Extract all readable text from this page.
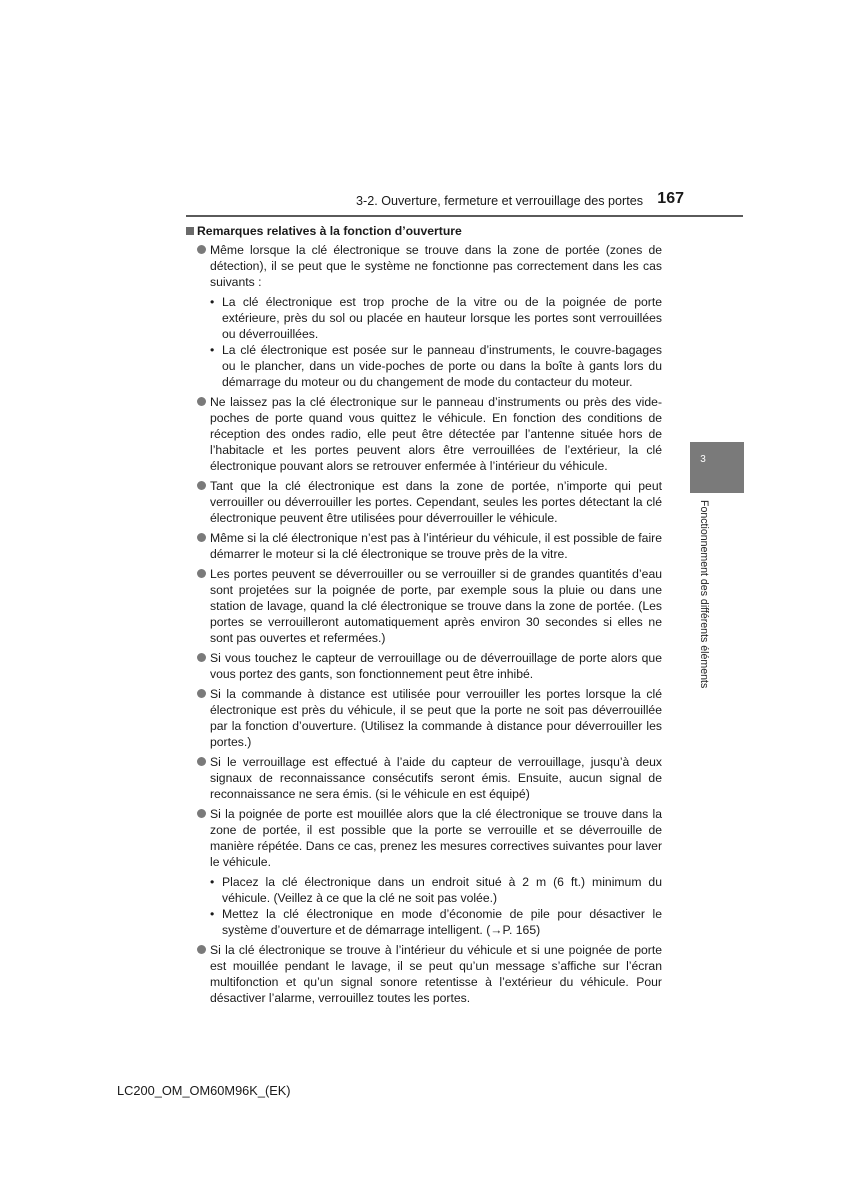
3-2. Ouverture, fermeture et verrouillage des portes 167
3
Fonctionnement des différents éléments
Remarques relatives à la fonction d’ouverture
Même lorsque la clé électronique se trouve dans la zone de portée (zones de détection), il se peut que le système ne fonctionne pas correctement dans les cas suivants :
• La clé électronique est trop proche de la vitre ou de la poignée de porte extérieure, près du sol ou placée en hauteur lorsque les portes sont verrouillées ou déverrouillées.
• La clé électronique est posée sur le panneau d’instruments, le couvre-bagages ou le plancher, dans un vide-poches de porte ou dans la boîte à gants lors du démarrage du moteur ou du changement de mode du contacteur du moteur.
Ne laissez pas la clé électronique sur le panneau d’instruments ou près des vide-poches de porte quand vous quittez le véhicule. En fonction des conditions de réception des ondes radio, elle peut être détectée par l’antenne située hors de l’habitacle et les portes peuvent alors être verrouillées de l’extérieur, la clé électronique pouvant alors se retrouver enfermée à l’intérieur du véhicule.
Tant que la clé électronique est dans la zone de portée, n’importe qui peut verrouiller ou déverrouiller les portes. Cependant, seules les portes détectant la clé électronique peuvent être utilisées pour déverrouiller le véhicule.
Même si la clé électronique n’est pas à l’intérieur du véhicule, il est possible de faire démarrer le moteur si la clé électronique se trouve près de la vitre.
Les portes peuvent se déverrouiller ou se verrouiller si de grandes quantités d’eau sont projetées sur la poignée de porte, par exemple sous la pluie ou dans une station de lavage, quand la clé électronique se trouve dans la zone de portée. (Les portes se verrouilleront automatiquement après environ 30 secondes si elles ne sont pas ouvertes et refermées.)
Si vous touchez le capteur de verrouillage ou de déverrouillage de porte alors que vous portez des gants, son fonctionnement peut être inhibé.
Si la commande à distance est utilisée pour verrouiller les portes lorsque la clé électronique est près du véhicule, il se peut que la porte ne soit pas déverrouillée par la fonction d’ouverture. (Utilisez la commande à distance pour déverrouiller les portes.)
Si le verrouillage est effectué à l’aide du capteur de verrouillage, jusqu’à deux signaux de reconnaissance consécutifs seront émis. Ensuite, aucun signal de reconnaissance ne sera émis. (si le véhicule en est équipé)
Si la poignée de porte est mouillée alors que la clé électronique se trouve dans la zone de portée, il est possible que la porte se verrouille et se déverrouille de manière répétée. Dans ce cas, prenez les mesures correctives suivantes pour laver le véhicule.
• Placez la clé électronique dans un endroit situé à 2 m (6 ft.) minimum du véhicule. (Veillez à ce que la clé ne soit pas volée.)
• Mettez la clé électronique en mode d’économie de pile pour désactiver le système d’ouverture et de démarrage intelligent. (→P. 165)
Si la clé électronique se trouve à l’intérieur du véhicule et si une poignée de porte est mouillée pendant le lavage, il se peut qu’un message s’affiche sur l’écran multifonction et qu’un signal sonore retentisse à l’extérieur du véhicule. Pour désactiver l’alarme, verrouillez toutes les portes.
LC200_OM_OM60M96K_(EK)
